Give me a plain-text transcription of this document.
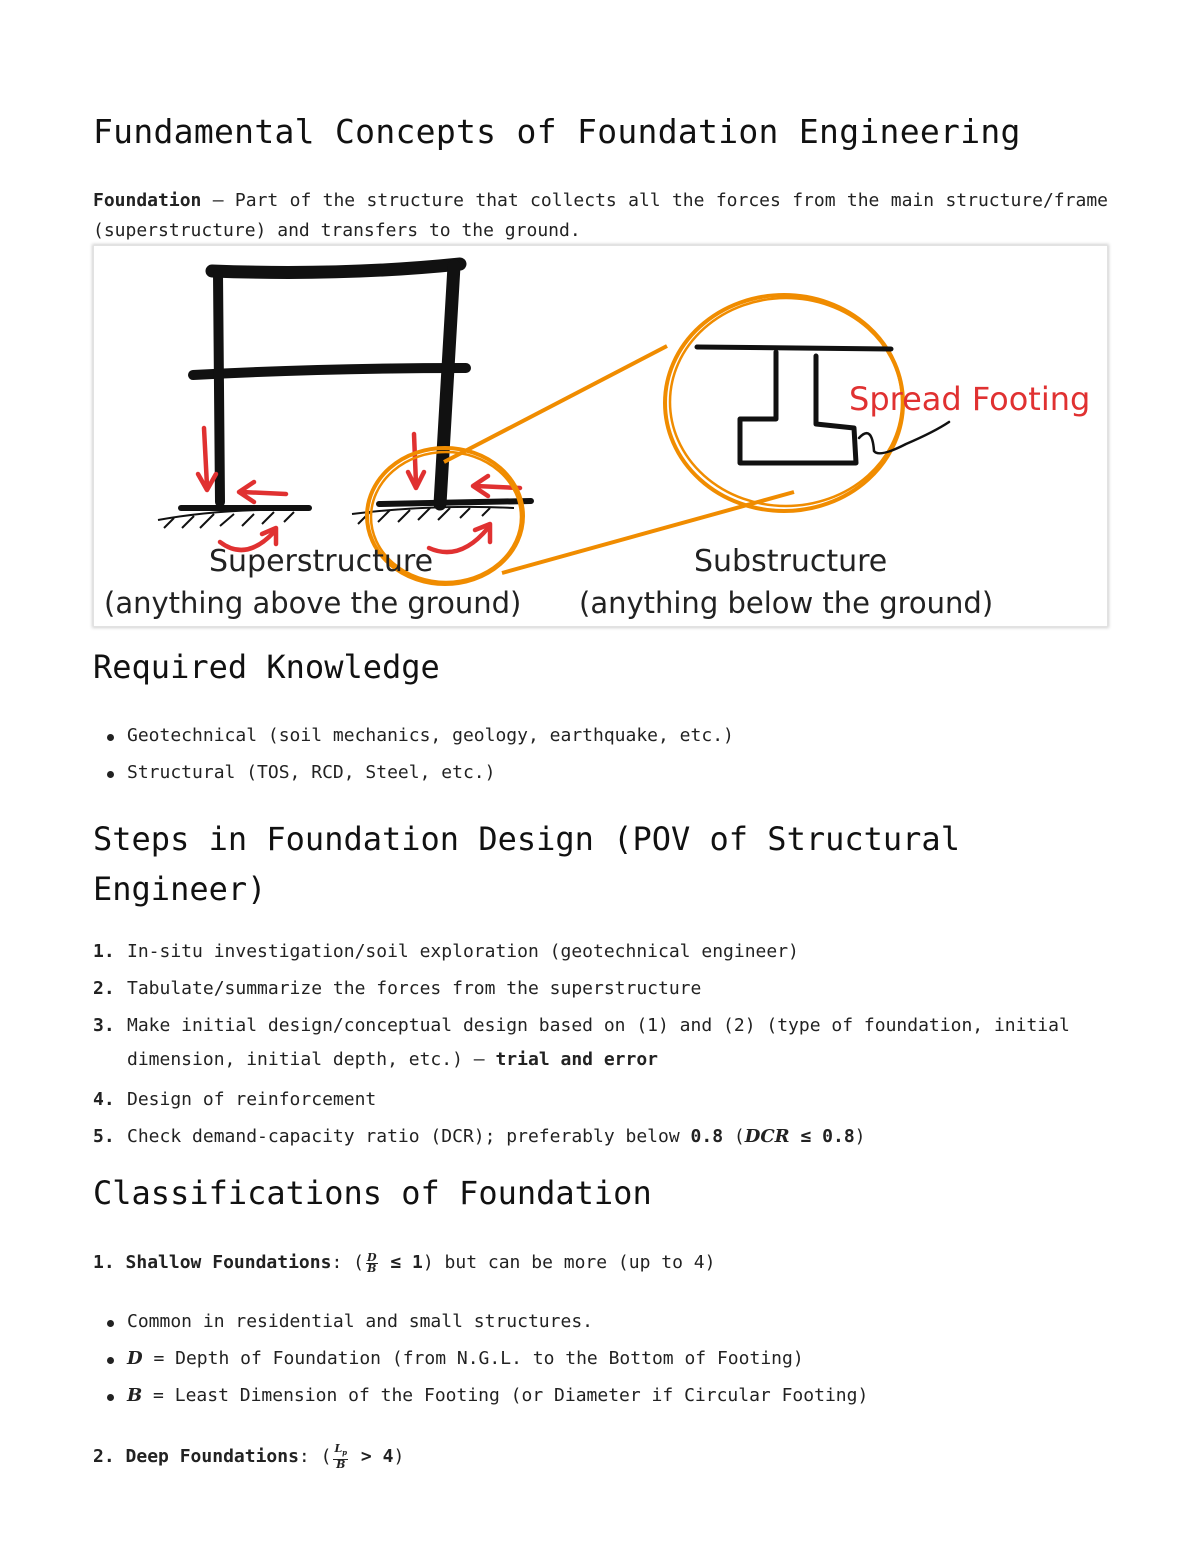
Fundamental Concepts of Foundation Engineering

Foundation – Part of the structure that collects all the forces from the main structure/frame (superstructure) and transfers to the ground.

Spread Footing
Superstructure
(anything above the ground)
Substructure
(anything below the ground)
Required Knowledge
Geotechnical (soil mechanics, geology, earthquake, etc.)
Structural (TOS, RCD, Steel, etc.)
Steps in Foundation Design (POV of Structural Engineer)
1. In-situ investigation/soil exploration (geotechnical engineer)
2. Tabulate/summarize the forces from the superstructure
3. Make initial design/conceptual design based on (1) and (2) (type of foundation, initial dimension, initial depth, etc.) – trial and error
4. Design of reinforcement
5. Check demand-capacity ratio (DCR); preferably below 0.8 (DCR ≤ 0.8)
Classifications of Foundation
1. Shallow Foundations: ( $\frac{D}{B} \le 1$) but can be more (up to 4)
Common in residential and small structures.
D = Depth of Foundation (from N.G.L. to the Bottom of Footing)
B = Least Dimension of the Footing (or Diameter if Circular Footing)
2. Deep Foundations: ( $\frac{L_p}{B} > 4$)
